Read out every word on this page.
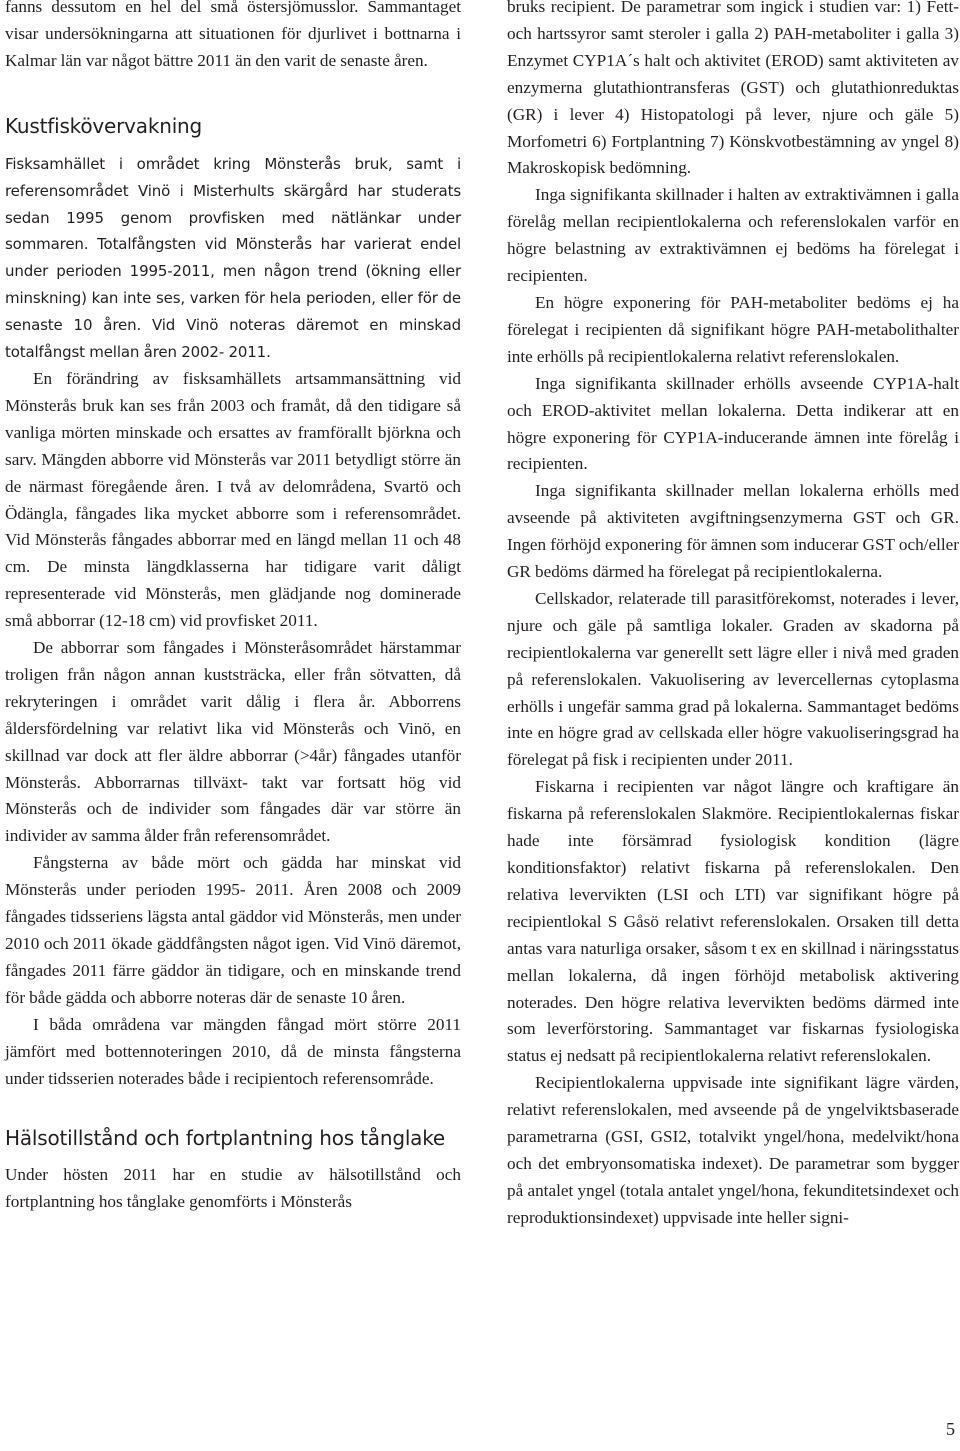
fanns dessutom en hel del små östersjömusslor. Sammantaget visar undersökningarna att situationen för djurlivet i bottnarna i Kalmar län var något bättre 2011 än den varit de senaste åren.

Kustfiskövervakning

Fisksamhället i området kring Mönsterås bruk, samt i referensområdet Vinö i Misterhults skärgård har studerats sedan 1995 genom provfisken med nätlänkar under sommaren. Totalfångsten vid Mönsterås har varierat endel under perioden 1995-2011, men någon trend (ökning eller minskning) kan inte ses, varken för hela perioden, eller för de senaste 10 åren. Vid Vinö noteras däremot en minskad totalfångst mellan åren 2002- 2011.

En förändring av fisksamhällets artsammansättning vid Mönsterås bruk kan ses från 2003 och framåt, då den tidigare så vanliga mörten minskade och ersattes av framförallt björkna och sarv. Mängden abborre vid Mönsterås var 2011 betydligt större än de närmast föregående åren. I två av delområdena, Svartö och Ödängla, fångades lika mycket abborre som i referensområdet. Vid Mönsterås fångades abborrar med en längd mellan 11 och 48 cm. De minsta längdklasserna har tidigare varit dåligt representerade vid Mönsterås, men glädjande nog dominerade små abborrar (12-18 cm) vid provfisket 2011.

De abborrar som fångades i Mönsteråsområdet härstammar troligen från någon annan kuststräcka, eller från sötvatten, då rekryteringen i området varit dålig i flera år. Abborrens åldersfördelning var relativt lika vid Mönsterås och Vinö, en skillnad var dock att fler äldre abborrar (>4år) fångades utanför Mönsterås. Abborrarnas tillväxt- takt var fortsatt hög vid Mönsterås och de individer som fångades där var större än individer av samma ålder från referensområdet.

Fångsterna av både mört och gädda har minskat vid Mönsterås under perioden 1995- 2011. Åren 2008 och 2009 fångades tidsseriens lägsta antal gäddor vid Mönsterås, men under 2010 och 2011 ökade gäddfångsten något igen. Vid Vinö däremot, fångades 2011 färre gäddor än tidigare, och en minskande trend för både gädda och abborre noteras där de senaste 10 åren.

I båda områdena var mängden fångad mört större 2011 jämfört med bottennoteringen 2010, då de minsta fångsterna under tidsserien noterades både i recipientoch referensområde.

Hälsotillstånd och fortplantning hos tånglake

Under hösten 2011 har en studie av hälsotillstånd och fortplantning hos tånglake genomförts i Mönsterås

bruks recipient. De parametrar som ingick i studien var: 1) Fett- och hartssyror samt steroler i galla 2) PAH-metaboliter i galla 3) Enzymet CYP1A´s halt och aktivitet (EROD) samt aktiviteten av enzymerna glutathiontransferas (GST) och glutathionreduktas (GR) i lever 4) Histopatologi på lever, njure och gäle 5) Morfometri 6) Fortplantning 7) Könskvotbestämning av yngel 8) Makroskopisk bedömning.

Inga signifikanta skillnader i halten av extraktivämnen i galla förelåg mellan recipientlokalerna och referenslokalen varför en högre belastning av extraktivämnen ej bedöms ha förelegat i recipienten.

En högre exponering för PAH-metaboliter bedöms ej ha förelegat i recipienten då signifikant högre PAH-metabolithalter inte erhölls på recipientlokalerna relativt referenslokalen.

Inga signifikanta skillnader erhölls avseende CYP1A-halt och EROD-aktivitet mellan lokalerna. Detta indikerar att en högre exponering för CYP1A-inducerande ämnen inte förelåg i recipienten.

Inga signifikanta skillnader mellan lokalerna erhölls med avseende på aktiviteten avgiftningsenzymerna GST och GR. Ingen förhöjd exponering för ämnen som inducerar GST och/eller GR bedöms därmed ha förelegat på recipientlokalerna.

Cellskador, relaterade till parasitförekomst, noterades i lever, njure och gäle på samtliga lokaler. Graden av skadorna på recipientlokalerna var generellt sett lägre eller i nivå med graden på referenslokalen. Vakuolisering av levercellernas cytoplasma erhölls i ungefär samma grad på lokalerna. Sammantaget bedöms inte en högre grad av cellskada eller högre vakuoliseringsgrad ha förelegat på fisk i recipienten under 2011.

Fiskarna i recipienten var något längre och kraftigare än fiskarna på referenslokalen Slakmöre. Recipientlokalernas fiskar hade inte försämrad fysiologisk kondition (lägre konditionsfaktor) relativt fiskarna på referenslokalen. Den relativa levervikten (LSI och LTI) var signifikant högre på recipientlokal S Gåsö relativt referenslokalen. Orsaken till detta antas vara naturliga orsaker, såsom t ex en skillnad i näringsstatus mellan lokalerna, då ingen förhöjd metabolisk aktivering noterades. Den högre relativa levervikten bedöms därmed inte som leverförstoring. Sammantaget var fiskarnas fysiologiska status ej nedsatt på recipientlokalerna relativt referenslokalen.

Recipientlokalerna uppvisade inte signifikant lägre värden, relativt referenslokalen, med avseende på de yngelviktsbaserade parametrarna (GSI, GSI2, totalvikt yngel/hona, medelvikt/hona och det embryonsomatiska indexet). De parametrar som bygger på antalet yngel (totala antalet yngel/hona, fekunditetsindexet och reproduktionsindexet) uppvisade inte heller signi-

5
